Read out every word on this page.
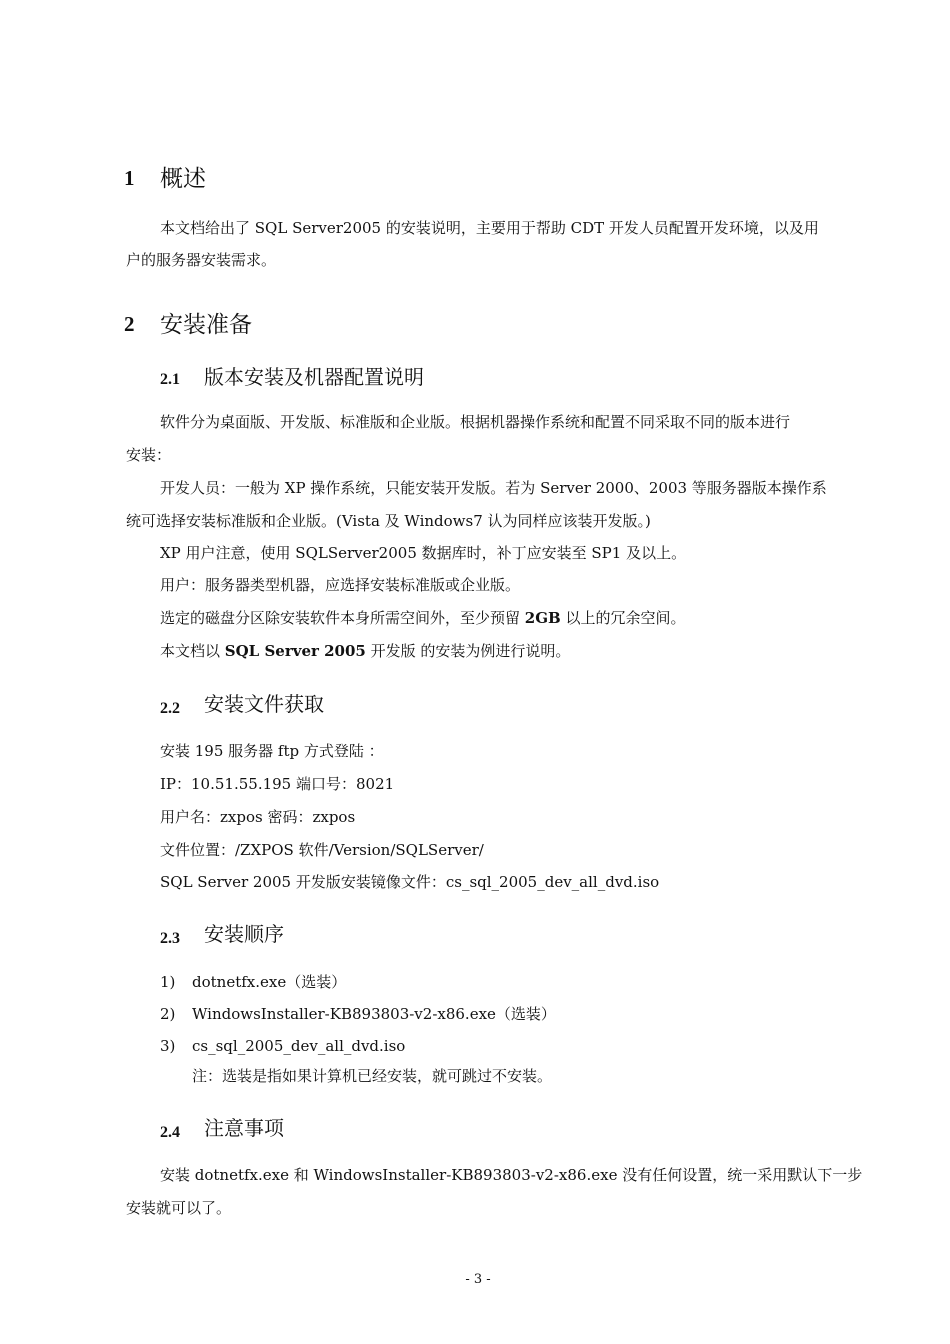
1 概述
本文档给出了 SQL Server2005 的安装说明，主要用于帮助 CDT 开发人员配置开发环境，以及用
户的服务器安装需求。
2 安装准备
2.1 版本安装及机器配置说明
软件分为桌面版、开发版、标准版和企业版。根据机器操作系统和配置不同采取不同的版本进行
安装：
开发人员：一般为 XP 操作系统，只能安装开发版。若为 Server 2000、2003 等服务器版本操作系
统可选择安装标准版和企业版。(Vista 及 Windows7 认为同样应该装开发版。)
XP 用户注意，使用 SQLServer2005 数据库时，补丁应安装至 SP1 及以上。
用户：服务器类型机器，应选择安装标准版或企业版。
选定的磁盘分区除安装软件本身所需空间外，至少预留 2GB 以上的冗余空间。
本文档以 SQL Server 2005 开发版 的安装为例进行说明。
2.2 安装文件获取
安装 195 服务器 ftp 方式登陆 ：
IP：10.51.55.195 端口号：8021
用户名：zxpos 密码：zxpos
文件位置：/ZXPOS 软件/Version/SQLServer/
SQL Server 2005 开发版安装镜像文件：cs_sql_2005_dev_all_dvd.iso
2.3 安装顺序
1) dotnetfx.exe（选装）
2) WindowsInstaller-KB893803-v2-x86.exe（选装）
3) cs_sql_2005_dev_all_dvd.iso
注：选装是指如果计算机已经安装，就可跳过不安装。
2.4 注意事项
安装 dotnetfx.exe 和 WindowsInstaller-KB893803-v2-x86.exe 没有任何设置，统一采用默认下一步
安装就可以了。
- 3 -
